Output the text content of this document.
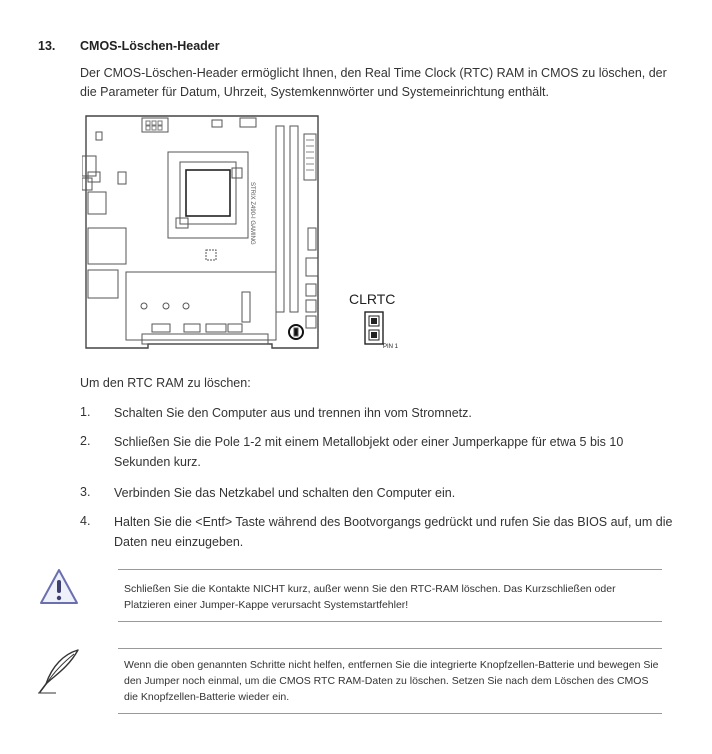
13. CMOS-Löschen-Header
Der CMOS-Löschen-Header ermöglicht Ihnen, den Real Time Clock (RTC) RAM in CMOS zu löschen, der die Parameter für Datum, Uhrzeit, Systemkennwörter und Systemeinrichtung enthält.
STRIX Z490-I GAMING
CLRTC
PIN 1
Um den RTC RAM zu löschen:
1. Schalten Sie den Computer aus und trennen ihn vom Stromnetz.
2. Schließen Sie die Pole 1-2 mit einem Metallobjekt oder einer Jumperkappe für etwa 5 bis 10 Sekunden kurz.
3. Verbinden Sie das Netzkabel und schalten den Computer ein.
4. Halten Sie die <Entf> Taste während des Bootvorgangs gedrückt und rufen Sie das BIOS auf, um die Daten neu einzugeben.
Schließen Sie die Kontakte NICHT kurz, außer wenn Sie den RTC-RAM löschen. Das Kurzschließen oder Platzieren einer Jumper-Kappe verursacht Systemstartfehler!
Wenn die oben genannten Schritte nicht helfen, entfernen Sie die integrierte Knopfzellen-Batterie und bewegen Sie den Jumper noch einmal, um die CMOS RTC RAM-Daten zu löschen. Setzen Sie nach dem Löschen des CMOS die Knopfzellen-Batterie wieder ein.
